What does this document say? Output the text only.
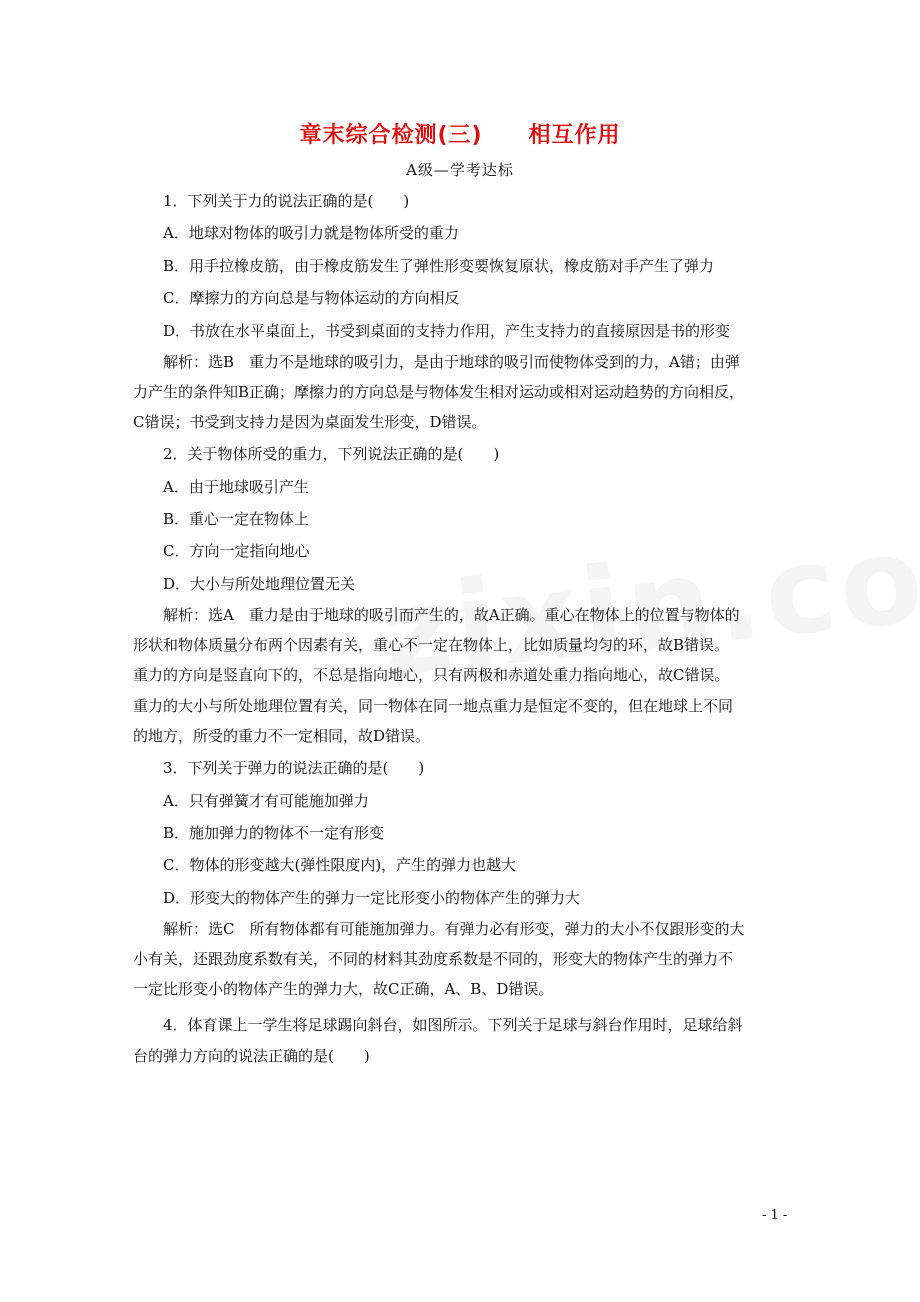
章末综合检测(三)　　相互作用
A级—学考达标
1．下列关于力的说法正确的是(　　)
A．地球对物体的吸引力就是物体所受的重力
B．用手拉橡皮筋，由于橡皮筋发生了弹性形变要恢复原状，橡皮筋对手产生了弹力
C．摩擦力的方向总是与物体运动的方向相反
D．书放在水平桌面上，书受到桌面的支持力作用，产生支持力的直接原因是书的形变
解析：选B　重力不是地球的吸引力，是由于地球的吸引而使物体受到的力，A错；由弹
力产生的条件知B正确；摩擦力的方向总是与物体发生相对运动或相对运动趋势的方向相反，
C错误；书受到支持力是因为桌面发生形变，D错误。
2．关于物体所受的重力，下列说法正确的是(　　)
A．由于地球吸引产生
B．重心一定在物体上
C．方向一定指向地心
D．大小与所处地理位置无关
解析：选A　重力是由于地球的吸引而产生的，故A正确。重心在物体上的位置与物体的
形状和物体质量分布两个因素有关，重心不一定在物体上，比如质量均匀的环，故B错误。
重力的方向是竖直向下的，不总是指向地心，只有两极和赤道处重力指向地心，故C错误。
重力的大小与所处地理位置有关，同一物体在同一地点重力是恒定不变的，但在地球上不同
的地方，所受的重力不一定相同，故D错误。
3．下列关于弹力的说法正确的是(　　)
A．只有弹簧才有可能施加弹力
B．施加弹力的物体不一定有形变
C．物体的形变越大(弹性限度内)，产生的弹力也越大
D．形变大的物体产生的弹力一定比形变小的物体产生的弹力大
解析：选C　所有物体都有可能施加弹力。有弹力必有形变，弹力的大小不仅跟形变的大
小有关，还跟劲度系数有关，不同的材料其劲度系数是不同的，形变大的物体产生的弹力不
一定比形变小的物体产生的弹力大，故C正确，A、B、D错误。
4．体育课上一学生将足球踢向斜台，如图所示。下列关于足球与斜台作用时，足球给斜
台的弹力方向的说法正确的是(　　)
- 1 -
